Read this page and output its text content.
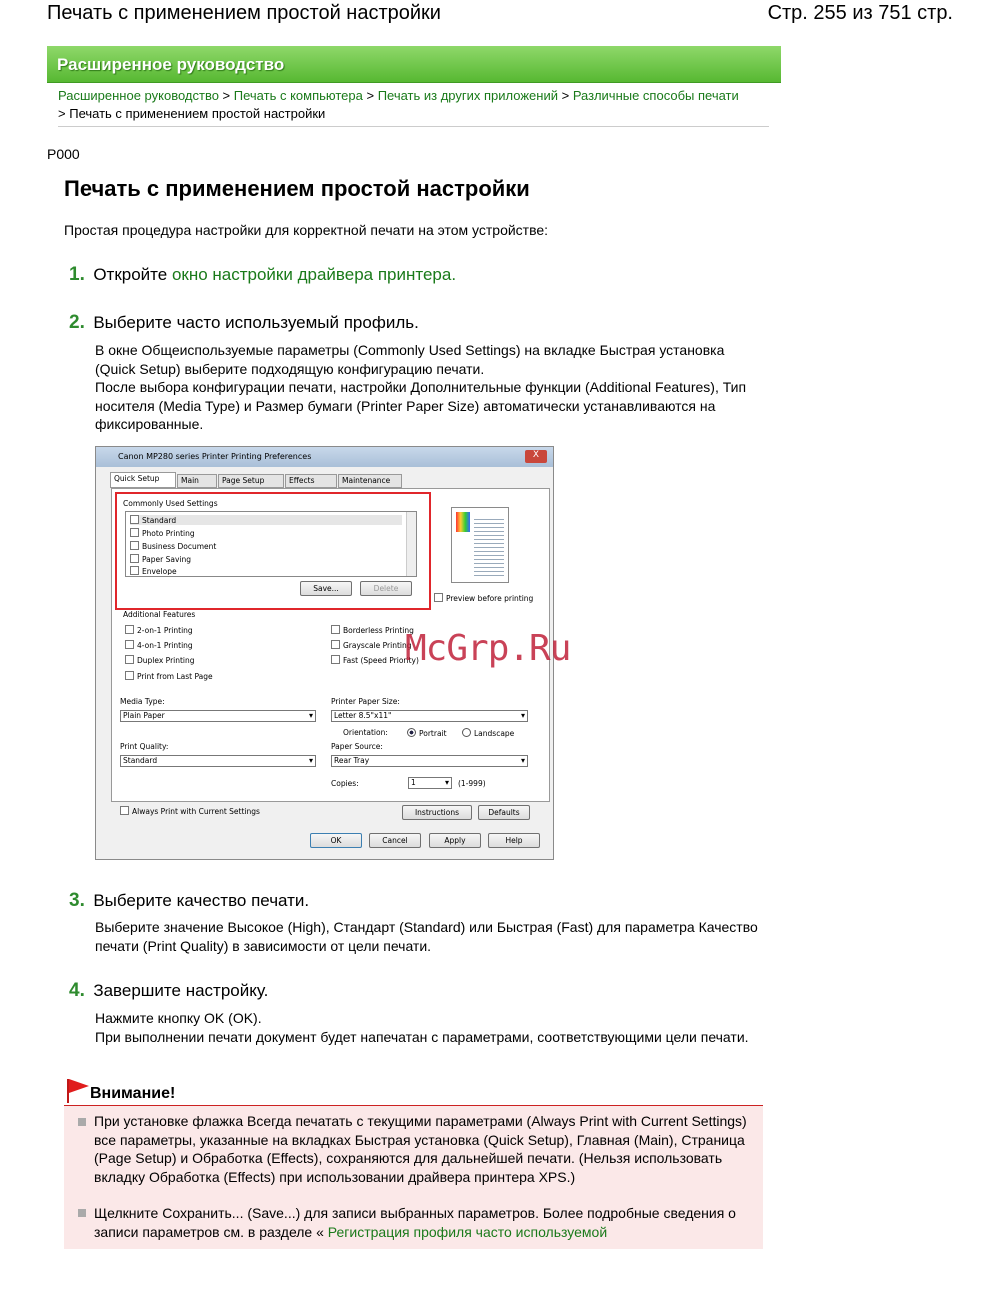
Печать с применением простой настройки	Стр. 255 из 751 стр.
Расширенное руководство
Расширенное руководство > Печать с компьютера > Печать из других приложений > Различные способы печати
> Печать с применением простой настройки
P000
Печать с применением простой настройки
Простая процедура настройки для корректной печати на этом устройстве:
1. Откройте окно настройки драйвера принтера.
2. Выберите часто используемый профиль.
В окне Общеиспользуемые параметры (Commonly Used Settings) на вкладке Быстрая установка (Quick Setup) выберите подходящую конфигурацию печати.
После выбора конфигурации печати, настройки Дополнительные функции (Additional Features), Тип носителя (Media Type) и Размер бумаги (Printer Paper Size) автоматически устанавливаются на фиксированные.
Canon MP280 series Printer Printing Preferences	X
Quick Setup	Main	Page Setup	Effects	Maintenance
Commonly Used Settings
Standard
Photo Printing
Business Document
Paper Saving
Envelope
Save...	Delete
Preview before printing
Additional Features
2-on-1 Printing
4-on-1 Printing
Duplex Printing
Print from Last Page
Borderless Printing
Grayscale Printing
Fast (Speed Priority)
Media Type:
Plain Paper ▾
Printer Paper Size:
Letter 8.5"x11" ▾
Orientation:	Portrait	Landscape
Print Quality:
Standard ▾
Paper Source:
Rear Tray ▾
Copies:	1 ▾	(1-999)
Always Print with Current Settings	Instructions	Defaults
OK	Cancel	Apply	Help
McGrp.Ru
3. Выберите качество печати.
Выберите значение Высокое (High), Стандарт (Standard) или Быстрая (Fast) для параметра Качество печати (Print Quality) в зависимости от цели печати.
4. Завершите настройку.
Нажмите кнопку OK (OK).
При выполнении печати документ будет напечатан с параметрами, соответствующими цели печати.
Внимание!
При установке флажка Всегда печатать с текущими параметрами (Always Print with Current Settings) все параметры, указанные на вкладках Быстрая установка (Quick Setup), Главная (Main), Страница (Page Setup) и Обработка (Effects), сохраняются для дальнейшей печати. (Нельзя использовать вкладку Обработка (Effects) при использовании драйвера принтера XPS.)
Щелкните Сохранить... (Save...) для записи выбранных параметров. Более подробные сведения о записи параметров см. в разделе « Регистрация профиля часто используемой
